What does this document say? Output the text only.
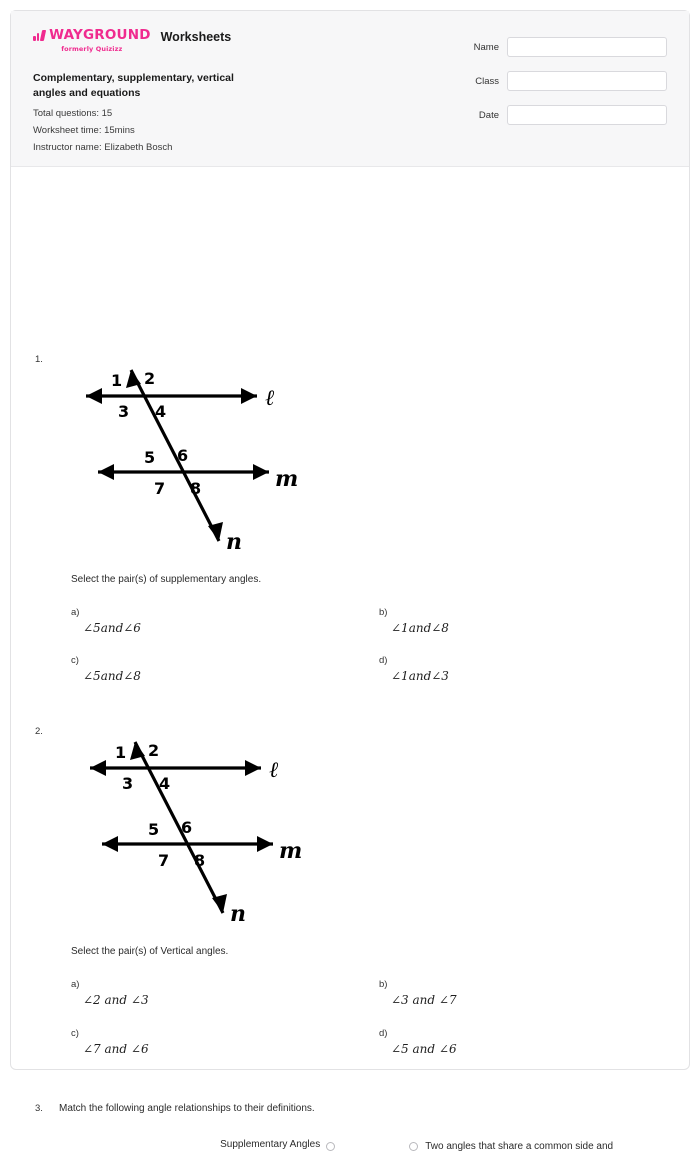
WAYGROUND
formerly Quizizz
Worksheets
Complementary, supplementary, vertical angles and equations
Total questions: 15
Worksheet time: 15mins
Instructor name: Elizabeth Bosch
Name
Class
Date
1.
1 2
3 4
5 6
7 8
ℓ
m
n
Select the pair(s) of supplementary angles.
a)
∠5and∠6
b)
∠1and∠8
c)
∠5and∠8
d)
∠1and∠3
2.
1 2
3 4
5 6
7 8
ℓ
m
n
Select the pair(s) of Vertical angles.
a)
∠2 and ∠3
b)
∠3 and ∠7
c)
∠7 and ∠6
d)
∠5 and ∠6
3. Match the following angle relationships to their definitions.
Supplementary Angles	Two angles that share a common side and
